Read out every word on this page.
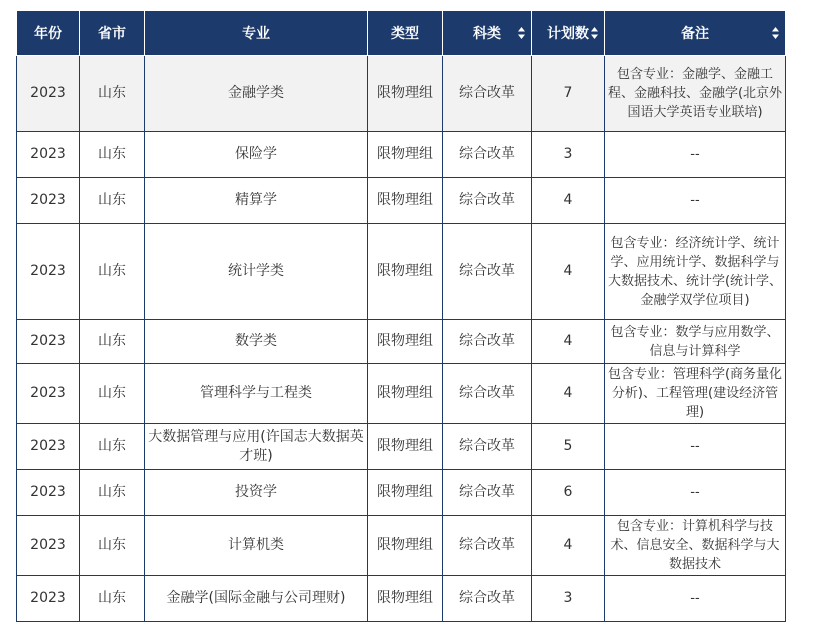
年份	省市	专业	类型	科类	计划数	备注

2023	山东	金融学类	限物理组	综合改革	7	包含专业：金融学、金融工程、金融科技、金融学(北京外国语大学英语专业联培)
2023	山东	保险学	限物理组	综合改革	3	--
2023	山东	精算学	限物理组	综合改革	4	--
2023	山东	统计学类	限物理组	综合改革	4	包含专业：经济统计学、统计学、应用统计学、数据科学与大数据技术、统计学(统计学、金融学双学位项目)
2023	山东	数学类	限物理组	综合改革	4	包含专业：数学与应用数学、信息与计算科学
2023	山东	管理科学与工程类	限物理组	综合改革	4	包含专业：管理科学(商务量化分析)、工程管理(建设经济管理)
2023	山东	大数据管理与应用(许国志大数据英才班)	限物理组	综合改革	5	--
2023	山东	投资学	限物理组	综合改革	6	--
2023	山东	计算机类	限物理组	综合改革	4	包含专业：计算机科学与技术、信息安全、数据科学与大数据技术
2023	山东	金融学(国际金融与公司理财)	限物理组	综合改革	3	--
